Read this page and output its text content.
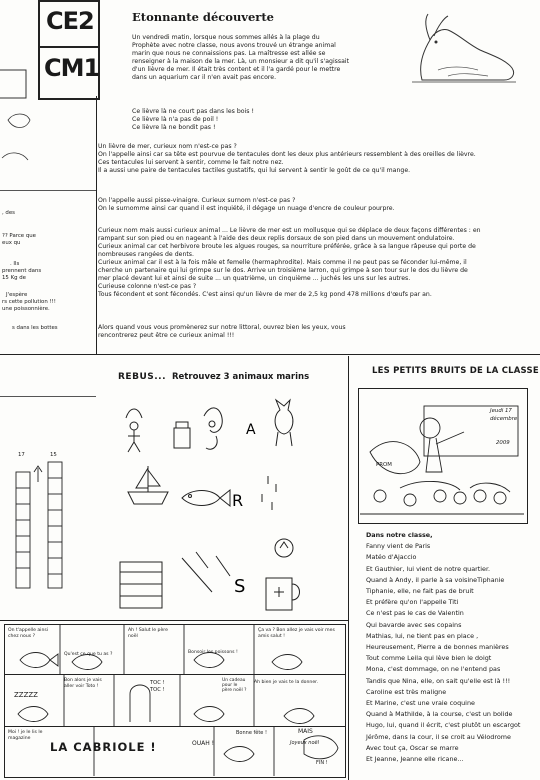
CE2
CM1
Etonnante découverte
Un vendredi matin, lorsque nous sommes allés à la plage du
Prophète avec notre classe, nous avons trouvé un étrange animal
marin que nous ne connaissions pas. La maîtresse est allée se
renseigner à la maison de la mer. Là, un monsieur a dit qu'il s'agissait
d'un lièvre de mer. Il était très content et il l'a gardé pour le mettre
dans un aquarium car il n'en avait pas encore.
Ce lièvre là ne court pas dans les bois !
Ce lièvre là n'a pas de poil !
Ce lièvre là ne bondit pas !
Un lièvre de mer, curieux nom n'est-ce pas ?
On l'appelle ainsi car sa tête est pourvue de tentacules dont les deux plus antérieurs ressemblent à des oreilles de lièvre.
Ces tentacules lui servent à sentir, comme le fait notre nez.
Il a aussi une paire de tentacules tactiles gustatifs, qui lui servent à sentir le goût de ce qu'il mange.
On l'appelle aussi pisse-vinaigre. Curieux surnom n'est-ce pas ?
On le surnomme ainsi car quand il est inquiété, il dégage un nuage d'encre de couleur pourpre.
Curieux nom mais aussi curieux animal ... Le lièvre de mer est un mollusque qui se déplace de deux façons différentes : en
rampant sur son pied ou en nageant à l'aide des deux replis dorsaux de son pied dans un mouvement ondulatoire.
Curieux animal car cet herbivore broute les algues rouges, sa nourriture préférée, grâce à sa langue râpeuse qui porte de
nombreuses rangées de dents.
Curieux animal car il est à la fois mâle et femelle (hermaphrodite). Mais comme il ne peut pas se féconder lui-même, il
cherche un partenaire qui lui grimpe sur le dos. Arrive un troisième larron, qui grimpe à son tour sur le dos du lièvre de
mer placé devant lui et ainsi de suite ... un quatrième, un cinquième ... juchés les uns sur les autres.
Curieuse colonne n'est-ce pas ?
Tous fécondent et sont fécondés. C'est ainsi qu'un lièvre de mer de 2,5 kg pond 478 millions d'œufs par an.
Alors quand vous vous promènerez sur notre littoral, ouvrez bien les yeux, vous
rencontrerez peut être ce curieux animal !!!
, des
?? Parce que
eux qu
. Ils
prennent dans
15 Kg de
J'espère
rs cette pollution !!!
une poissonnière.
s dans les bottes
17	15
REBUS... Retrouvez 3 animaux marins
A
R
S
LES PETITS BRUITS DE LA CLASSE
Jeudi 17
décembre
2009
PROM
Dans notre classe,
Fanny vient de Paris
Matéo d'Ajaccio
Et Gauthier, lui vient de notre quartier.
Quand à Andy, il parle à sa voisineTiphanie
Tiphanie, elle, ne fait pas de bruit
Et préfère qu'on l'appelle Titi
Ce n'est pas le cas de Valentin
Qui bavarde avec ses copains
Mathias, lui, ne tient pas en place ,
Heureusement, Pierre a de bonnes manières
Tout comme Leila qui lève bien le doigt
Mona, c'est dommage, on ne l'entend pas
Tandis que Nina, elle, on sait qu'elle est là !!!
Caroline est très maligne
Et Marine, c'est une vraie coquine
Quand à Mathilde, à la course, c'est un bolide
Hugo, lui, quand il écrit, c'est plutôt un escargot
Jérôme, dans la cour, il se croit au Vélodrome
Avec tout ça, Oscar se marre
Et Jeanne, Jeanne elle ricane...
On t'appelle ainsi chez nous ?
Qu'est ce que tu as ?
Ah ! Salut le père noël
Bonsoir les poissons !
Ça va ? Bon allez je vais voir mes amis salut !
ZZZZZ
Bon alors je vais aller voir Toto !	TOC ! TOC !
Un cadeau pour le père noël ?
Ah bien je vais te la donner.
Moi ! je le lis le magazine
LA CABRIOLE !	OUAH !
Bonne fête !	MAIS
Joyeux noël
FIN !
